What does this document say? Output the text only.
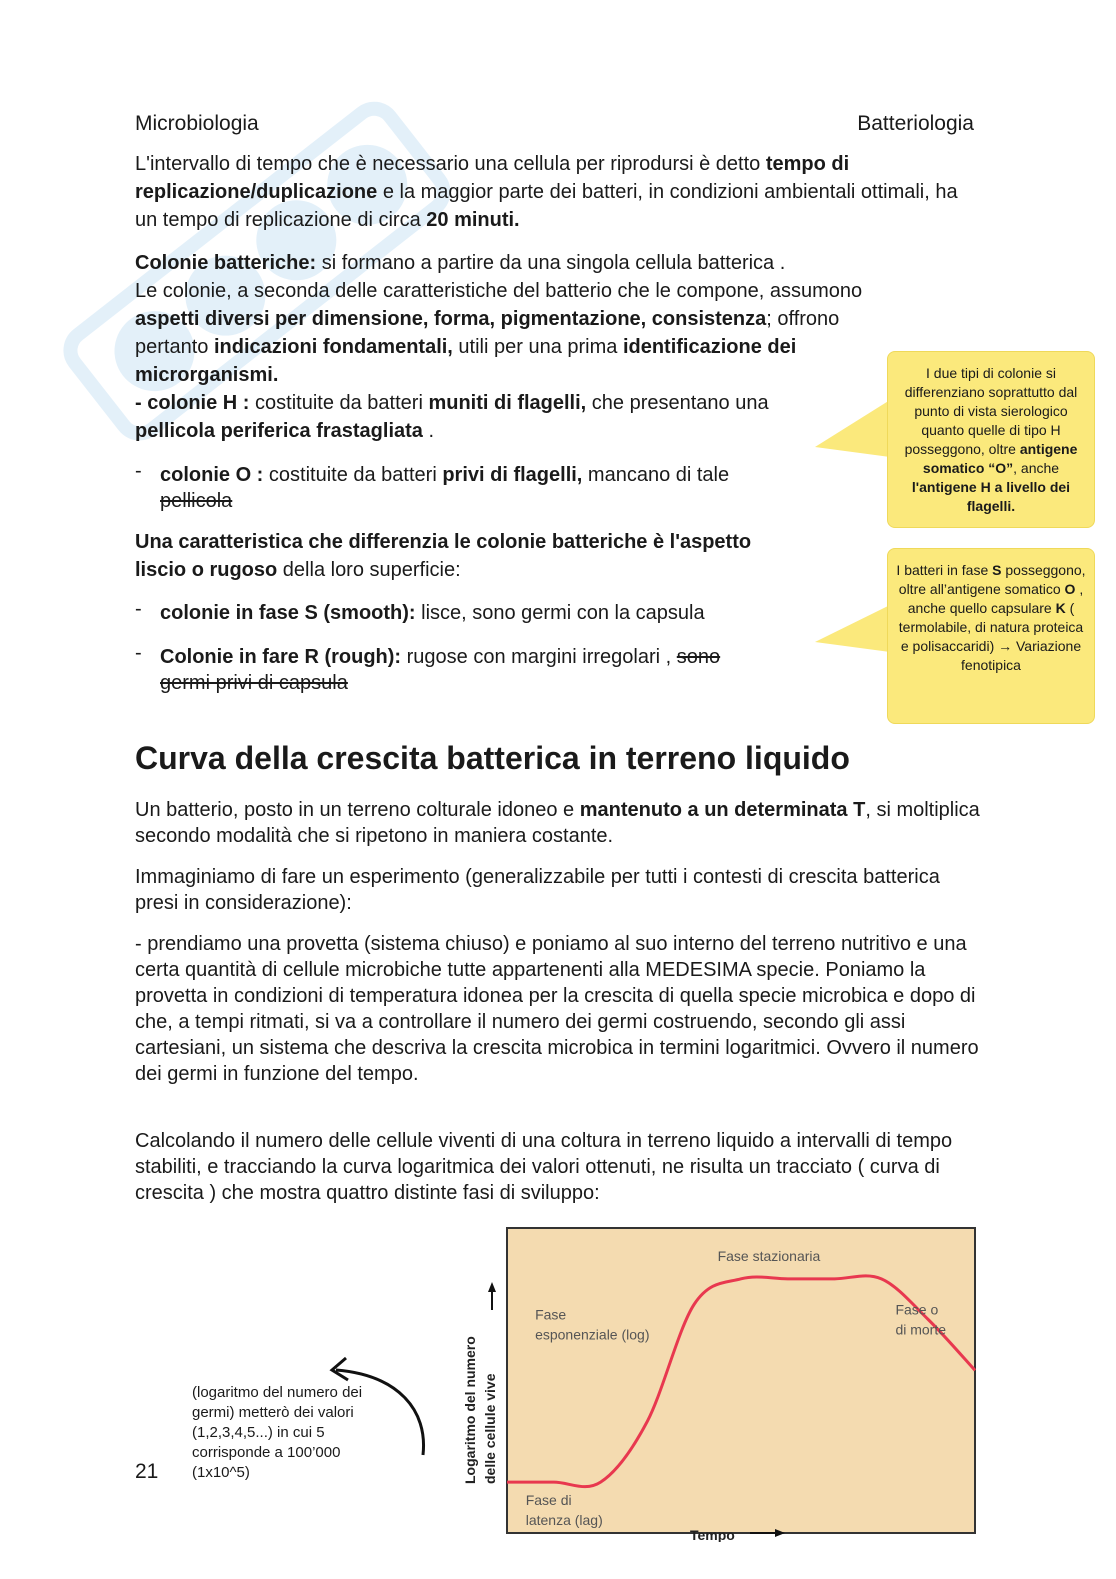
Microbiologia	Batteriologia

L'intervallo di tempo che è necessario una cellula per riprodursi è detto tempo di replicazione/duplicazione e la maggior parte dei batteri, in condizioni ambientali ottimali, ha un tempo di replicazione di circa 20 minuti.

Colonie batteriche: si formano a partire da una singola cellula batterica .
Le colonie, a seconda delle caratteristiche del batterio che le compone, assumono
aspetti diversi per dimensione, forma, pigmentazione, consistenza; offrono
pertanto indicazioni fondamentali, utili per una prima identificazione dei
microrganismi.
- colonie H : costituite da batteri muniti di flagelli, che presentano una
pellicola periferica frastagliata .
- colonie O : costituite da batteri privi di flagelli, mancano di tale
pellicola
Una caratteristica che differenzia le colonie batteriche è l'aspetto
liscio o rugoso della loro superficie:
- colonie in fase S (smooth): lisce, sono germi con la capsula
- Colonie in fare R (rough): rugose con margini irregolari , sono
germi privi di capsula
I due tipi di colonie si differenziano soprattutto dal punto di vista sierologico quanto quelle di tipo H posseggono, oltre antigene somatico “O”, anche l'antigene H a livello dei flagelli.
I batteri in fase S posseggono, oltre all’antigene somatico O , anche quello capsulare K ( termolabile, di natura proteica e polisaccaridi) → Variazione fenotipica
Curva della crescita batterica in terreno liquido
Un batterio, posto in un terreno colturale idoneo e mantenuto a un determinata T, si moltiplica secondo modalità che si ripetono in maniera costante.
Immaginiamo di fare un esperimento (generalizzabile per tutti i contesti di crescita batterica presi in considerazione):
- prendiamo una provetta (sistema chiuso) e poniamo al suo interno del terreno nutritivo e una certa quantità di cellule microbiche tutte appartenenti alla MEDESIMA specie. Poniamo la provetta in condizioni di temperatura idonea per la crescita di quella specie microbica e dopo di che, a tempi ritmati, si va a controllare il numero dei germi costruendo, secondo gli assi cartesiani, un sistema che descriva la crescita microbica in termini logaritmici. Ovvero il numero dei germi in funzione del tempo.
Calcolando il numero delle cellule viventi di una coltura in terreno liquido a intervalli di tempo stabiliti, e tracciando la curva logaritmica dei valori ottenuti, ne risulta un tracciato ( curva di crescita ) che mostra quattro distinte fasi di sviluppo:
(logaritmo del numero dei germi) metterò dei valori (1,2,3,4,5...) in cui 5 corrisponde a 100’000 (1x10^5)
21	Logaritmo del numero delle cellule vive
Tempo
Fase di
latenza (lag)
Fase
esponenziale (log)
Fase stazionaria
Fase o
di morte
